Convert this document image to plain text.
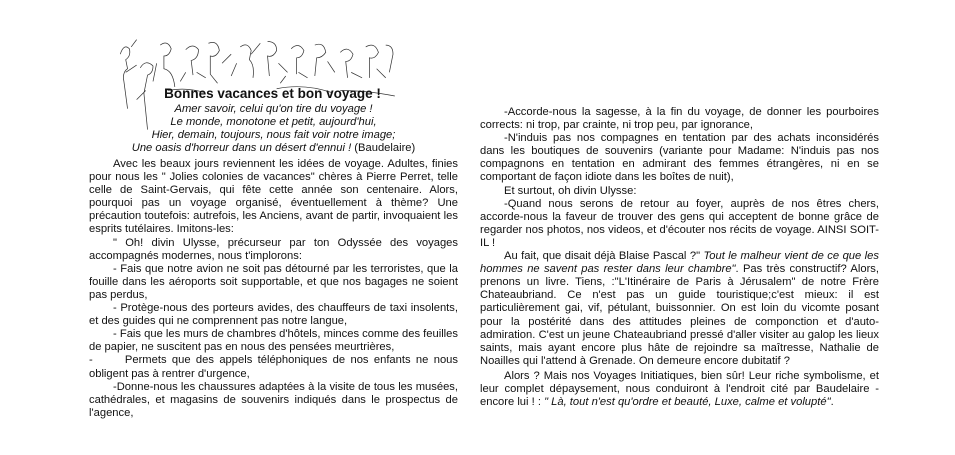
Bonnes vacances et bon voyage !
Amer savoir, celui qu'on tire du voyage !
Le monde, monotone et petit, aujourd'hui,
Hier, demain, toujours, nous fait voir notre image;
Une oasis d'horreur dans un désert d'ennui ! (Baudelaire)

Avec les beaux jours reviennent les idées de voyage. Adultes, finies pour nous les " Jolies colonies de vacances" chères à Pierre Perret, telle celle de Saint-Gervais, qui fête cette année son centenaire. Alors, pourquoi pas un voyage organisé, éventuellement à thème? Une précaution toutefois: autrefois, les Anciens, avant de partir, invoquaient les esprits tutélaires. Imitons-les:

" Oh! divin Ulysse, précurseur par ton Odyssée des voyages accompagnés modernes, nous t'implorons:

- Fais que notre avion ne soit pas détourné par les terroristes, que la fouille dans les aéroports soit supportable, et que nos bagages ne soient pas perdus,

- Protège-nous des porteurs avides, des chauffeurs de taxi insolents, et des guides qui ne comprennent pas notre langue,

- Fais que les murs de chambres d'hôtels, minces comme des feuilles de papier, ne suscitent pas en nous des pensées meurtrières,

-      Permets que des appels téléphoniques de nos enfants ne nous obligent pas à rentrer d'urgence,

-Donne-nous les chaussures adaptées à la visite de tous les musées, cathédrales, et magasins de souvenirs indiqués dans le prospectus de l'agence,

-Accorde-nous la sagesse, à la fin du voyage, de donner les pourboires corrects: ni trop, par crainte, ni trop peu, par ignorance,

-N'induis pas nos compagnes en tentation par des achats inconsidérés dans les boutiques de souvenirs (variante pour Madame: N'induis pas nos compagnons en tentation en admirant des femmes étrangères, ni en se comportant de façon idiote dans les boîtes de nuit),

Et surtout, oh divin Ulysse:

-Quand nous serons de retour au foyer, auprès de nos êtres chers, accorde-nous la faveur de trouver des gens qui acceptent de bonne grâce de regarder nos photos, nos videos, et d'écouter nos récits de voyage. AINSI SOIT-IL !

Au fait, que disait déjà Blaise Pascal ?" Tout le malheur vient de ce que les hommes ne savent pas rester dans leur chambre". Pas très constructif? Alors, prenons un livre. Tiens, :"L'Itinéraire de Paris à Jérusalem" de notre Frère Chateaubriand. Ce n'est pas un guide touristique;c'est mieux: il est particulièrement gai, vif, pétulant, buissonnier. On est loin du vicomte posant pour la postérité dans des attitudes pleines de componction et d'auto-admiration. C'est un jeune Chateaubriand pressé d'aller visiter au galop les lieux saints, mais ayant encore plus hâte de rejoindre sa maîtresse, Nathalie de Noailles qui l'attend à Grenade. On demeure encore dubitatif ?

Alors ? Mais nos Voyages Initiatiques, bien sûr! Leur riche symbolisme, et leur complet dépaysement, nous conduiront à l'endroit cité par Baudelaire - encore lui ! : " Là, tout n'est qu'ordre et beauté, Luxe, calme et volupté".
